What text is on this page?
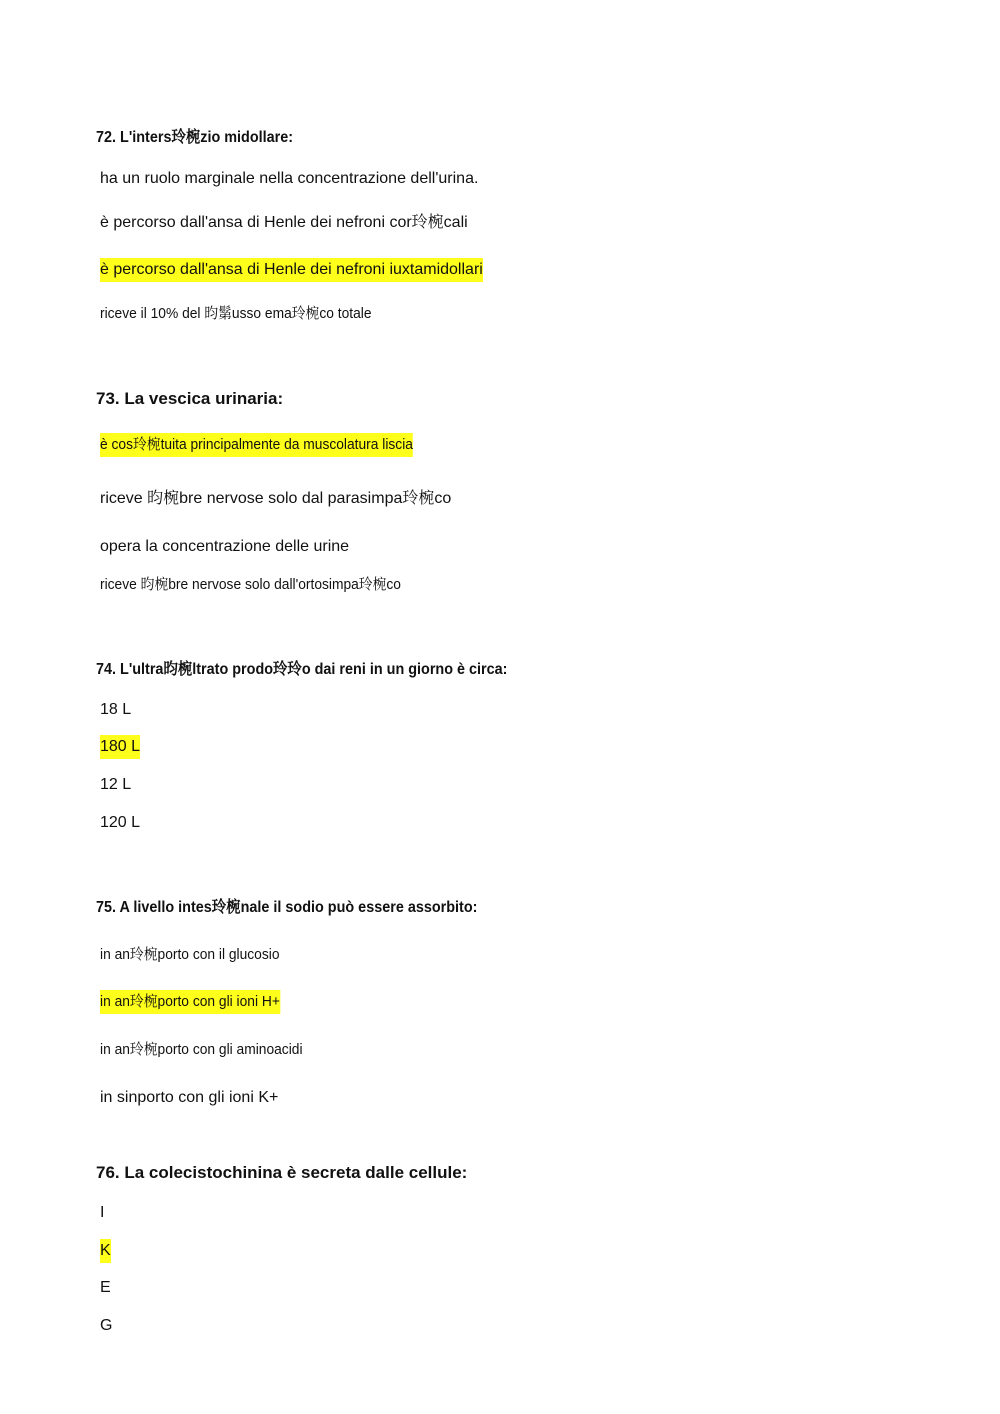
72. L'inters玲椀zio midollare:
ha un ruolo marginale nella concentrazione dell'urina.
è percorso dall'ansa di Henle dei nefroni cor玲椀cali
è percorso dall'ansa di Henle dei nefroni iuxtamidollari
riceve il 10% del 昀鬀usso ema玲椀co totale
73. La vescica urinaria:
è cos玲椀tuita principalmente da muscolatura liscia
riceve 昀椀bre nervose solo dal parasimpa玲椀co
opera la concentrazione delle urine
riceve 昀椀bre nervose solo dall'ortosimpa玲椀co
74. L'ultra昀椀ltrato prodo玲玲o dai reni in un giorno è circa:
18 L
180 L
12 L
120 L
75. A livello intes玲椀nale il sodio può essere assorbito:
in an玲椀porto con il glucosio
in an玲椀porto con gli ioni H+
in an玲椀porto con gli aminoacidi
in sinporto con gli ioni K+
76. La colecistochinina è secreta dalle cellule:
I
K
E
G
